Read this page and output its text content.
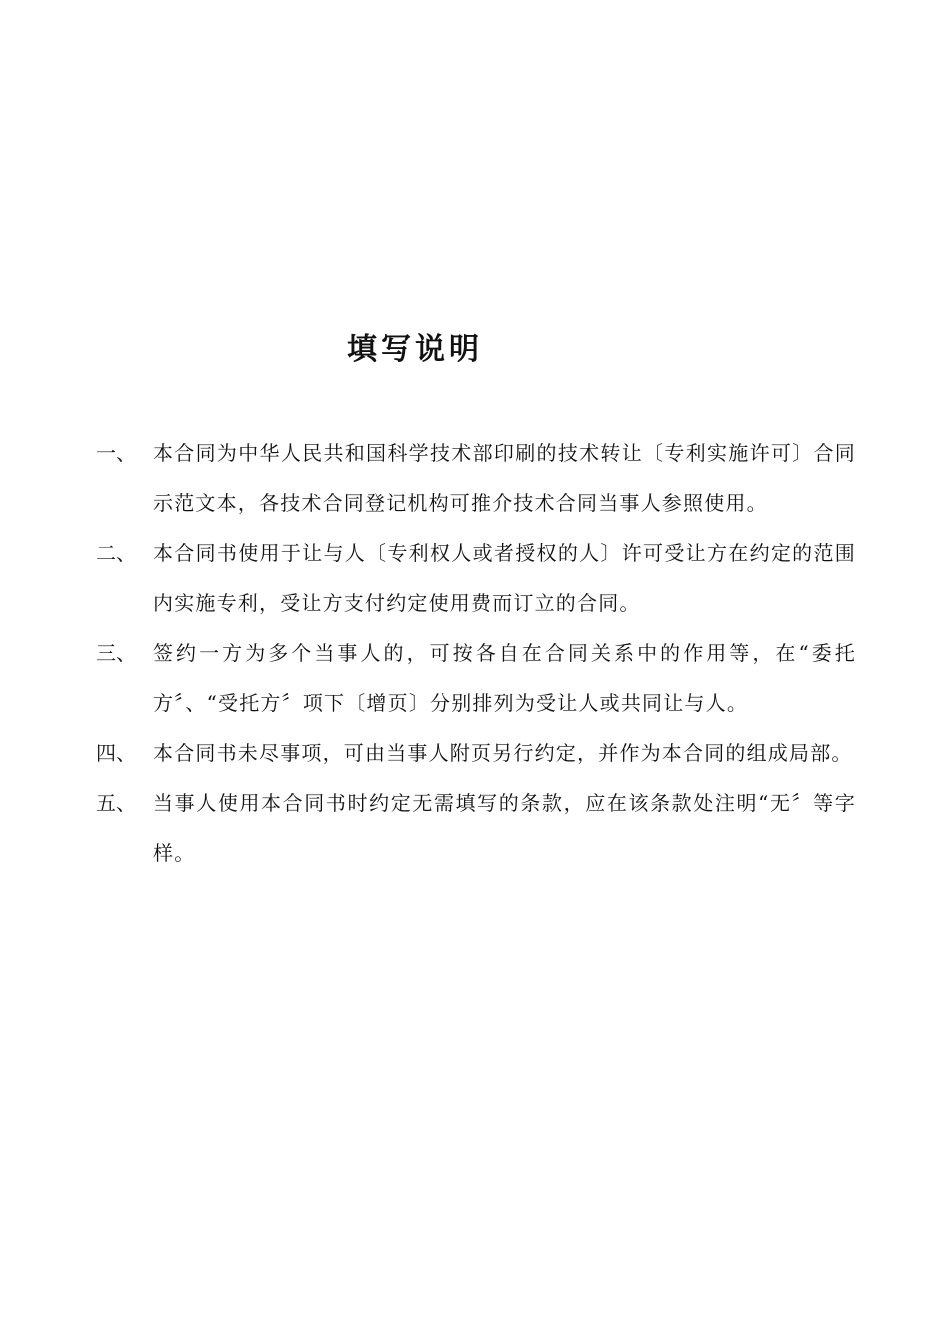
填写说明
一、 本合同为中华人民共和国科学技术部印刷的技术转让〔专利实施许可〕合同示范文本，各技术合同登记机构可推介技术合同当事人参照使用。
二、 本合同书使用于让与人〔专利权人或者授权的人〕许可受让方在约定的范围内实施专利，受让方支付约定使用费而订立的合同。
三、 签约一方为多个当事人的，可按各自在合同关系中的作用等，在“委托方〞、“受托方〞项下〔增页〕分别排列为受让人或共同让与人。
四、 本合同书未尽事项，可由当事人附页另行约定，并作为本合同的组成局部。
五、 当事人使用本合同书时约定无需填写的条款，应在该条款处注明“无〞等字样。
